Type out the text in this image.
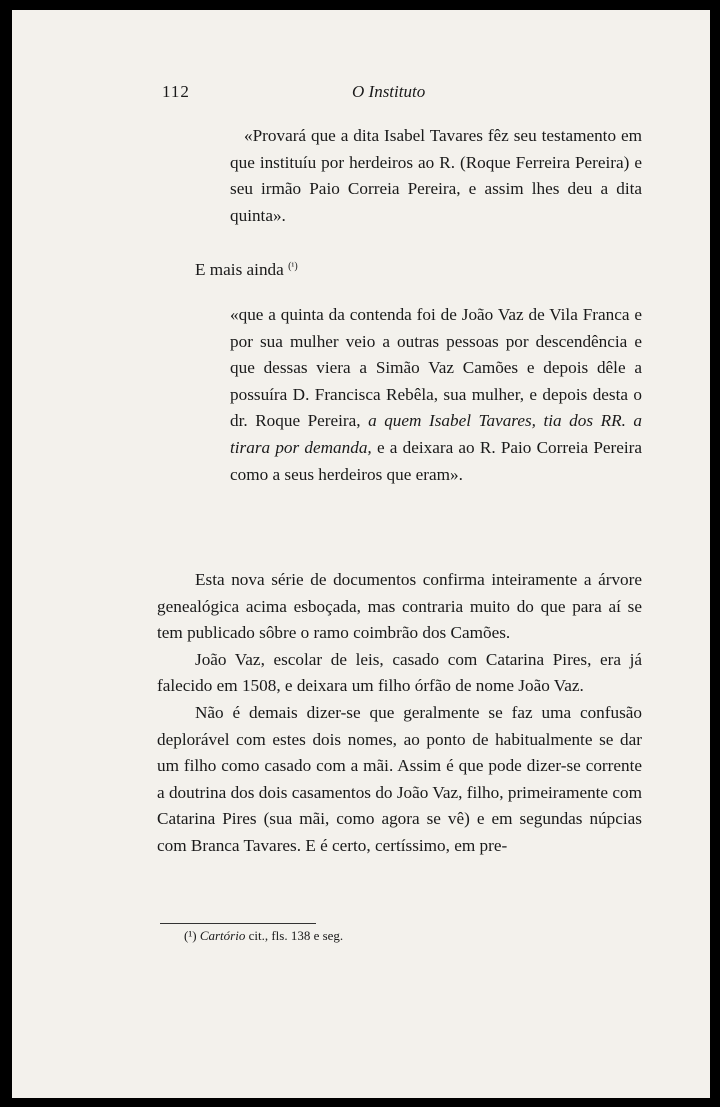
112	O Instituto

«Provará que a dita Isabel Tavares fêz seu testamento em que instituíu por herdeiros ao R. (Roque Ferreira Pereira) e seu irmão Paio Correia Pereira, e assim lhes deu a dita quinta».

E mais ainda $^{(^1)}$

«que a quinta da contenda foi de João Vaz de Vila Franca e por sua mulher veio a outras pessoas por descendência e que dessas viera a Simão Vaz Camões e depois dêle a possuíra D. Francisca Rebêla, sua mulher, e depois desta o dr. Roque Pereira, a quem Isabel Tavares, tia dos RR. a tirara por demanda, e a deixara ao R. Paio Correia Pereira como a seus herdeiros que eram».

Esta nova série de documentos confirma inteiramente a árvore genealógica acima esboçada, mas contraria muito do que para aí se tem publicado sôbre o ramo coimbrão dos Camões.

João Vaz, escolar de leis, casado com Catarina Pires, era já falecido em 1508, e deixara um filho órfão de nome João Vaz.

Não é demais dizer-se que geralmente se faz uma confusão deplorável com estes dois nomes, ao ponto de habitualmente se dar um filho como casado com a mãi. Assim é que pode dizer-se corrente a doutrina dos dois casamentos do João Vaz, filho, primeiramente com Catarina Pires (sua mãi, como agora se vê) e em segundas núpcias com Branca Tavares. E é certo, certíssimo, em pre-

(¹) Cartório cit., fls. 138 e seg.
